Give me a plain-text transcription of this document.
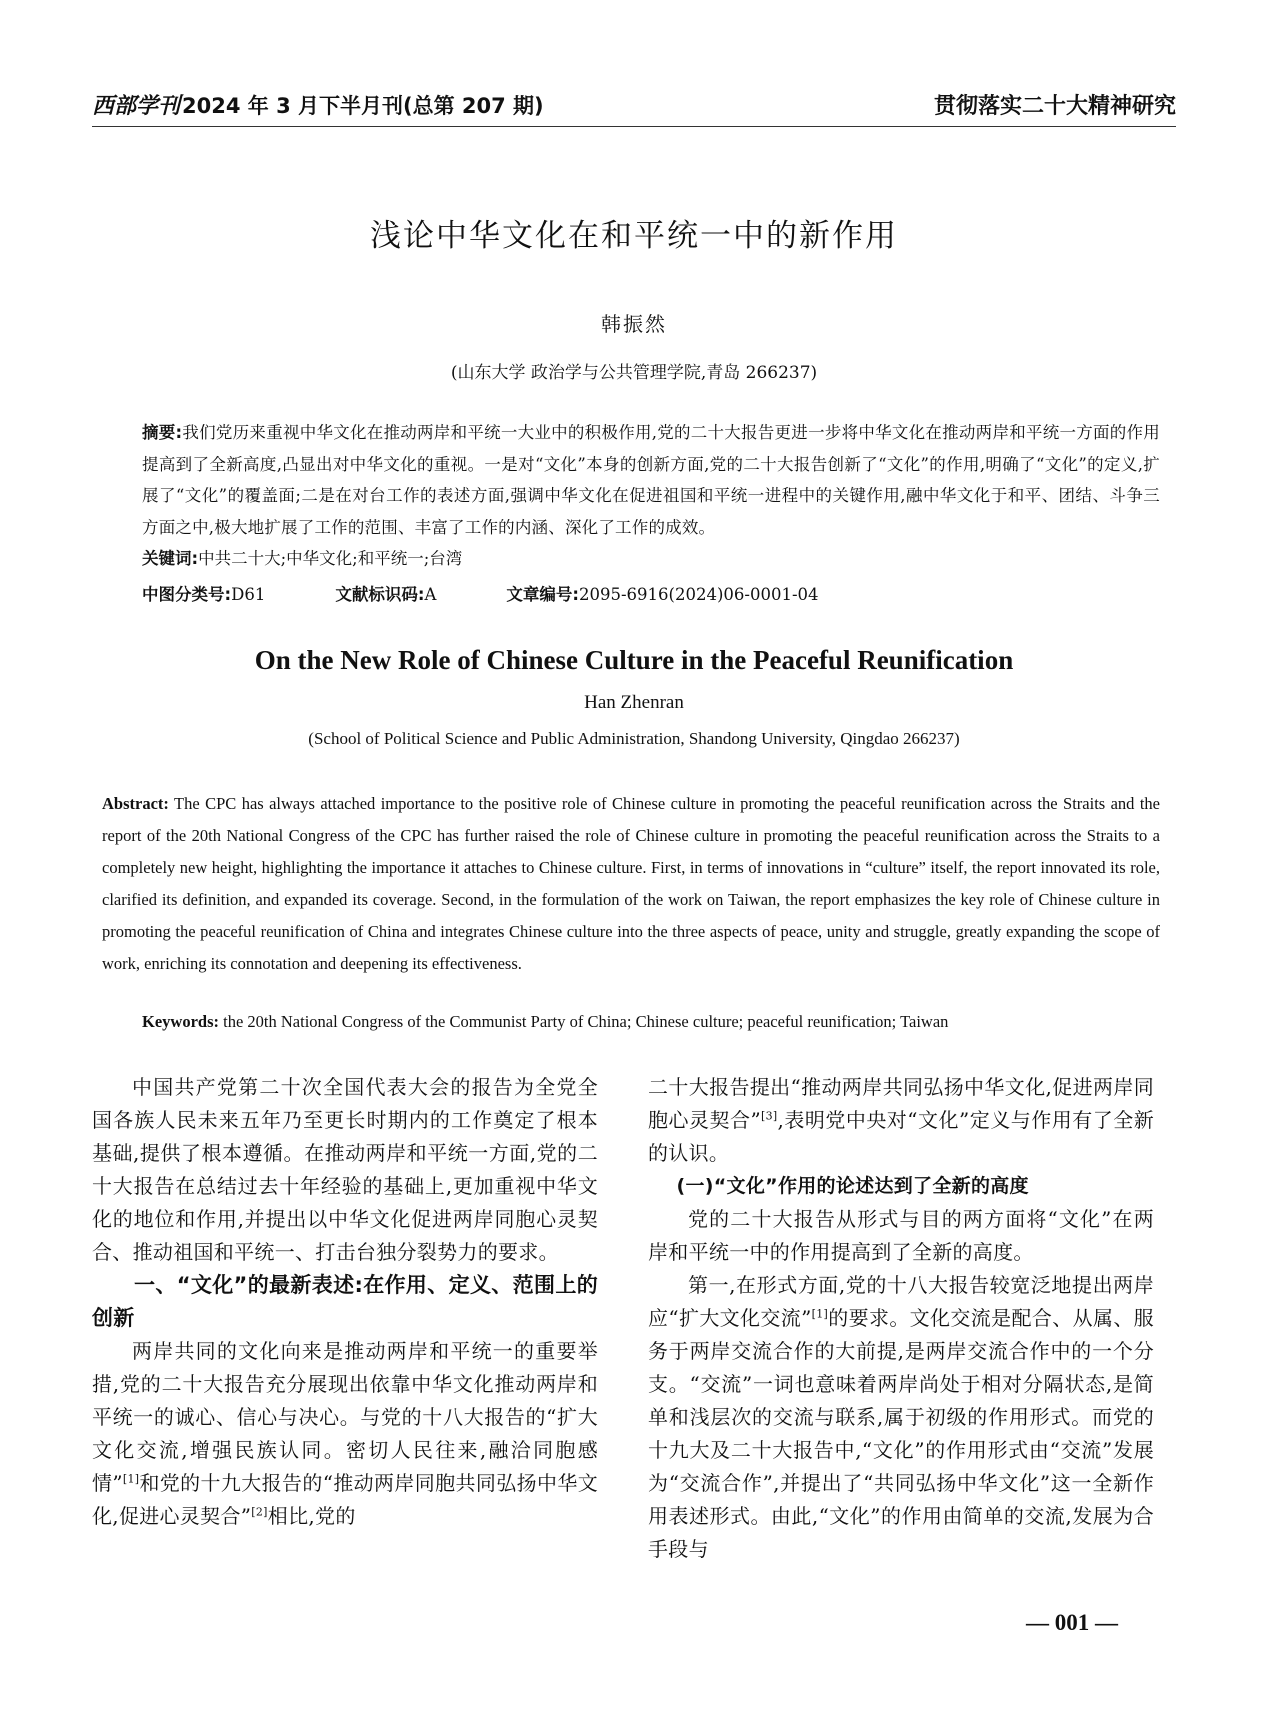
西部学刊 2024 年 3 月下半月刊(总第 207 期)	贯彻落实二十大精神研究
浅论中华文化在和平统一中的新作用
韩振然
(山东大学 政治学与公共管理学院,青岛 266237)
摘要:我们党历来重视中华文化在推动两岸和平统一大业中的积极作用,党的二十大报告更进一步将中华文化在推动两岸和平统一方面的作用提高到了全新高度,凸显出对中华文化的重视。一是对“文化”本身的创新方面,党的二十大报告创新了“文化”的作用,明确了“文化”的定义,扩展了“文化”的覆盖面;二是在对台工作的表述方面,强调中华文化在促进祖国和平统一进程中的关键作用,融中华文化于和平、团结、斗争三方面之中,极大地扩展了工作的范围、丰富了工作的内涵、深化了工作的成效。
关键词:中共二十大;中华文化;和平统一;台湾
中图分类号:D61	文献标识码:A	文章编号:2095-6916(2024)06-0001-04
On the New Role of Chinese Culture in the Peaceful Reunification
Han Zhenran
(School of Political Science and Public Administration, Shandong University, Qingdao 266237)
Abstract: The CPC has always attached importance to the positive role of Chinese culture in promoting the peaceful reunification across the Straits and the report of the 20th National Congress of the CPC has further raised the role of Chinese culture in promoting the peaceful reunification across the Straits to a completely new height, highlighting the importance it attaches to Chinese culture. First, in terms of innovations in “culture” itself, the report innovated its role, clarified its definition, and expanded its coverage. Second, in the formulation of the work on Taiwan, the report emphasizes the key role of Chinese culture in promoting the peaceful reunification of China and integrates Chinese culture into the three aspects of peace, unity and struggle, greatly expanding the scope of work, enriching its connotation and deepening its effectiveness.
Keywords: the 20th National Congress of the Communist Party of China; Chinese culture; peaceful reunification; Taiwan

中国共产党第二十次全国代表大会的报告为全党全国各族人民未来五年乃至更长时期内的工作奠定了根本基础,提供了根本遵循。在推动两岸和平统一方面,党的二十大报告在总结过去十年经验的基础上,更加重视中华文化的地位和作用,并提出以中华文化促进两岸同胞心灵契合、推动祖国和平统一、打击台独分裂势力的要求。

一、“文化”的最新表述:在作用、定义、范围上的创新

两岸共同的文化向来是推动两岸和平统一的重要举措,党的二十大报告充分展现出依靠中华文化推动两岸和平统一的诚心、信心与决心。与党的十八大报告的“扩大文化交流,增强民族认同。密切人民往来,融洽同胞感情”[1]和党的十九大报告的“推动两岸同胞共同弘扬中华文化,促进心灵契合”[2]相比,党的

二十大报告提出“推动两岸共同弘扬中华文化,促进两岸同胞心灵契合”[3],表明党中央对“文化”定义与作用有了全新的认识。

(一)“文化”作用的论述达到了全新的高度

党的二十大报告从形式与目的两方面将“文化”在两岸和平统一中的作用提高到了全新的高度。

第一,在形式方面,党的十八大报告较宽泛地提出两岸应“扩大文化交流”[1]的要求。文化交流是配合、从属、服务于两岸交流合作的大前提,是两岸交流合作中的一个分支。“交流”一词也意味着两岸尚处于相对分隔状态,是简单和浅层次的交流与联系,属于初级的作用形式。而党的十九大及二十大报告中,“文化”的作用形式由“交流”发展为“交流合作”,并提出了“共同弘扬中华文化”这一全新作用表述形式。由此,“文化”的作用由简单的交流,发展为合手段与

— 001 —
